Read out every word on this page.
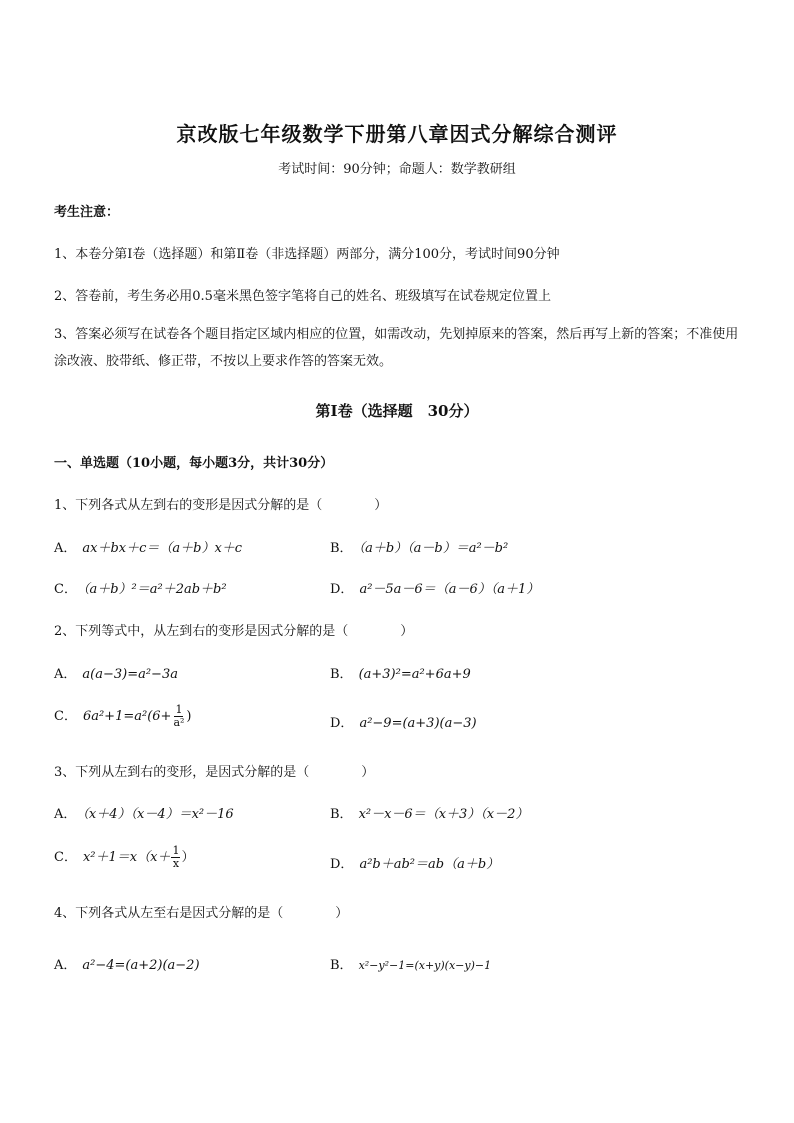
京改版七年级数学下册第八章因式分解综合测评
考试时间：90分钟；命题人：数学教研组
考生注意：
1、本卷分第Ⅰ卷（选择题）和第Ⅱ卷（非选择题）两部分，满分100分，考试时间90分钟
2、答卷前，考生务必用0.5毫米黑色签字笔将自己的姓名、班级填写在试卷规定位置上
3、答案必须写在试卷各个题目指定区域内相应的位置，如需改动，先划掉原来的答案，然后再写上新的答案；不准使用涂改液、胶带纸、修正带，不按以上要求作答的答案无效。
第Ⅰ卷（选择题　30分）
一、单选题（10小题，每小题3分，共计30分）
1、下列各式从左到右的变形是因式分解的是（　　　　）
A． ax＋bx＋c＝（a＋b）x＋c	B． （a＋b）（a－b）＝a²－b²
C． （a＋b）²＝a²＋2ab＋b²	D． a²－5a－6＝（a－6）（a＋1）
2、下列等式中，从左到右的变形是因式分解的是（　　　　）
A． a(a−3)=a²−3a	B． (a+3)²=a²+6a+9
C． $6a^2+1=a^2(6+ \frac{1}{\text{a²}}$ )	D． a²−9=(a+3)(a−3)
3、下列从左到右的变形，是因式分解的是（　　　　）
A． （x＋4）（x－4）＝x²－16	B． x²－x－6＝（x＋3）（x－2）
C． $x^2+1=x(x+ \frac{1}{x}$ ）	D． a²b＋ab²＝ab（a＋b）
4、下列各式从左至右是因式分解的是（　　　　）
A． a²−4=(a+2)(a−2)	B． x²−y²−1=(x+y)(x−y)−1
